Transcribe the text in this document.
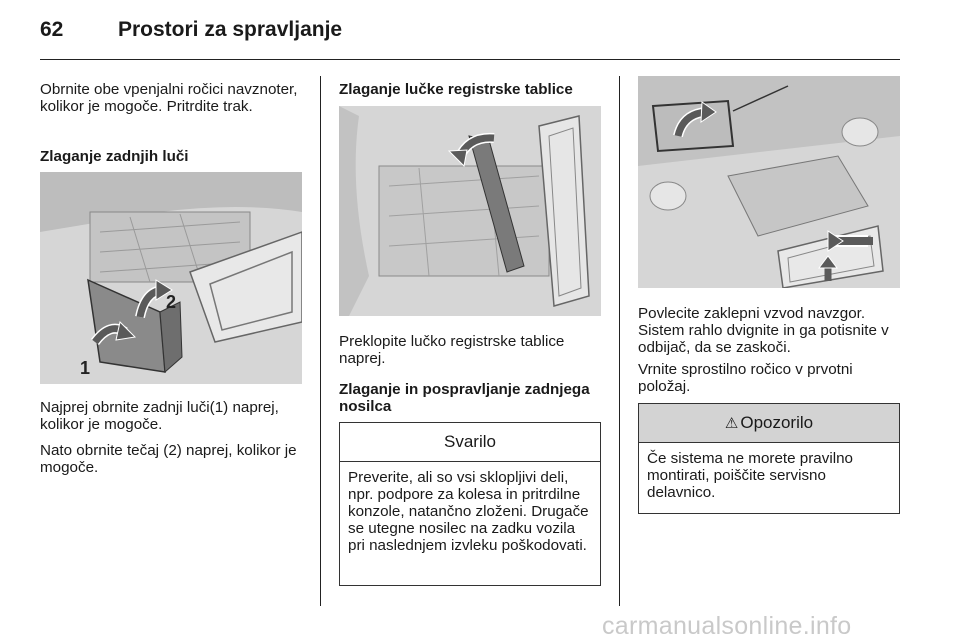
62	Prostori za spravljanje

Obrnite obe vpenjalni ročici navznoter, kolikor je mogoče. Pritrdite trak.

Zlaganje zadnjih luči

1
2

Najprej obrnite zadnji luči(1) naprej, kolikor je mogoče.

Nato obrnite tečaj (2) naprej, kolikor je mogoče.

Zlaganje lučke registrske tablice

Preklopite lučko registrske tablice naprej.

Zlaganje in pospravljanje zadnjega nosilca

Svarilo
Preverite, ali so vsi sklopljivi deli, npr. podpore za kolesa in pritrdilne konzole, natančno zloženi. Drugače se utegne nosilec na zadku vozila pri naslednjem izvleku poškodovati.

Povlecite zaklepni vzvod navzgor. Sistem rahlo dvignite in ga potisnite v odbijač, da se zaskoči.

Vrnite sprostilno ročico v prvotni položaj.

⚠ Opozorilo
Če sistema ne morete pravilno montirati, poiščite servisno delavnico.
carmanualsonline.info
